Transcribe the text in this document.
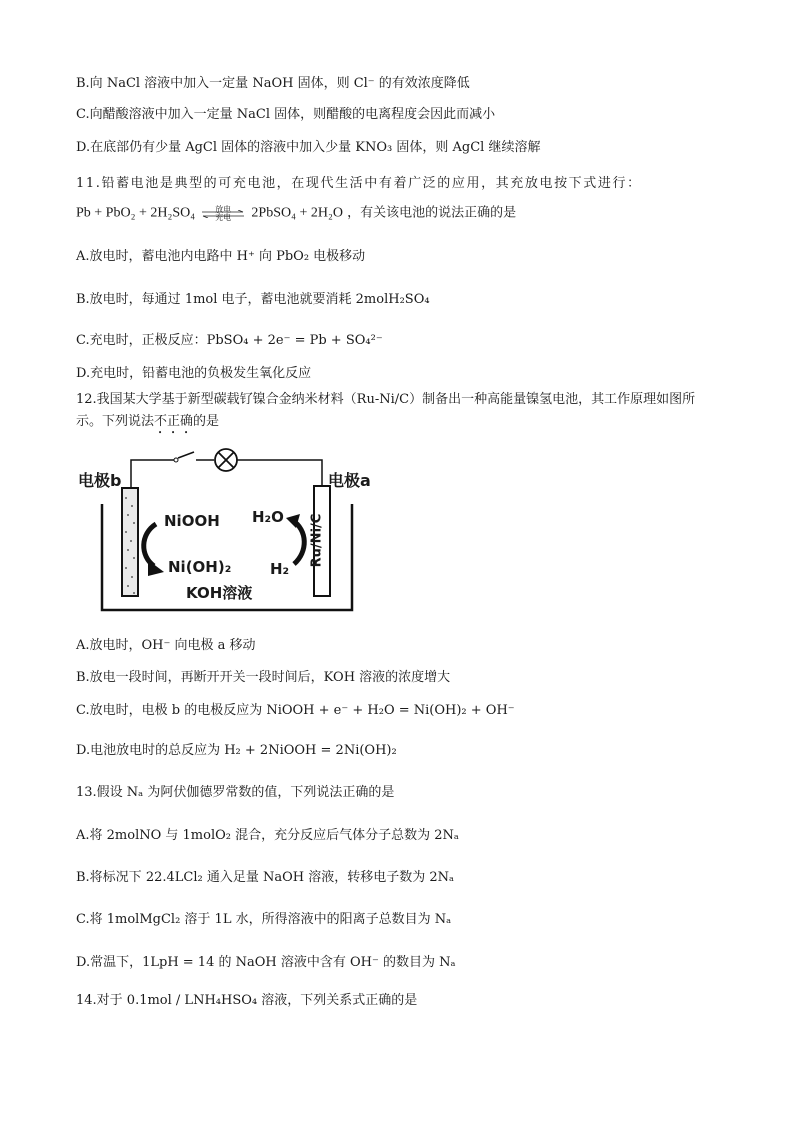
B.向 NaCl 溶液中加入一定量 NaOH 固体，则 Cl⁻ 的有效浓度降低
C.向醋酸溶液中加入一定量 NaCl 固体，则醋酸的电离程度会因此而减小
D.在底部仍有少量 AgCl 固体的溶液中加入少量 KNO₃ 固体，则 AgCl 继续溶解
11.铅蓄电池是典型的可充电池，在现代生活中有着广泛的应用，其充放电按下式进行：
Pb + PbO₂ + 2H₂SO₄	放电
充电	2PbSO₄ + 2H₂O ，有关该电池的说法正确的是
A.放电时，蓄电池内电路中 H⁺ 向 PbO₂ 电极移动
B.放电时，每通过 1mol 电子，蓄电池就要消耗 2molH₂SO₄
C.充电时，正极反应：PbSO₄ + 2e⁻ = Pb + SO₄²⁻
D.充电时，铅蓄电池的负极发生氧化反应
12.我国某大学基于新型碳载钌镍合金纳米材料（Ru-Ni/C）制备出一种高能量镍氢电池，其工作原理如图所
示。下列说法不正确的是
电极b	电极a
NiOOH
Ni(OH)₂
H₂O
H₂
Ru/Ni/C
KOH溶液
A.放电时，OH⁻ 向电极 a 移动
B.放电一段时间，再断开开关一段时间后，KOH 溶液的浓度增大
C.放电时，电极 b 的电极反应为 NiOOH + e⁻ + H₂O = Ni(OH)₂ + OH⁻
D.电池放电时的总反应为 H₂ + 2NiOOH = 2Ni(OH)₂
13.假设 Nₐ 为阿伏伽德罗常数的值，下列说法正确的是
A.将 2molNO 与 1molO₂ 混合，充分反应后气体分子总数为 2Nₐ
B.将标况下 22.4LCl₂ 通入足量 NaOH 溶液，转移电子数为 2Nₐ
C.将 1molMgCl₂ 溶于 1L 水，所得溶液中的阳离子总数目为 Nₐ
D.常温下，1LpH = 14 的 NaOH 溶液中含有 OH⁻ 的数目为 Nₐ
14.对于 0.1mol / LNH₄HSO₄ 溶液，下列关系式正确的是
